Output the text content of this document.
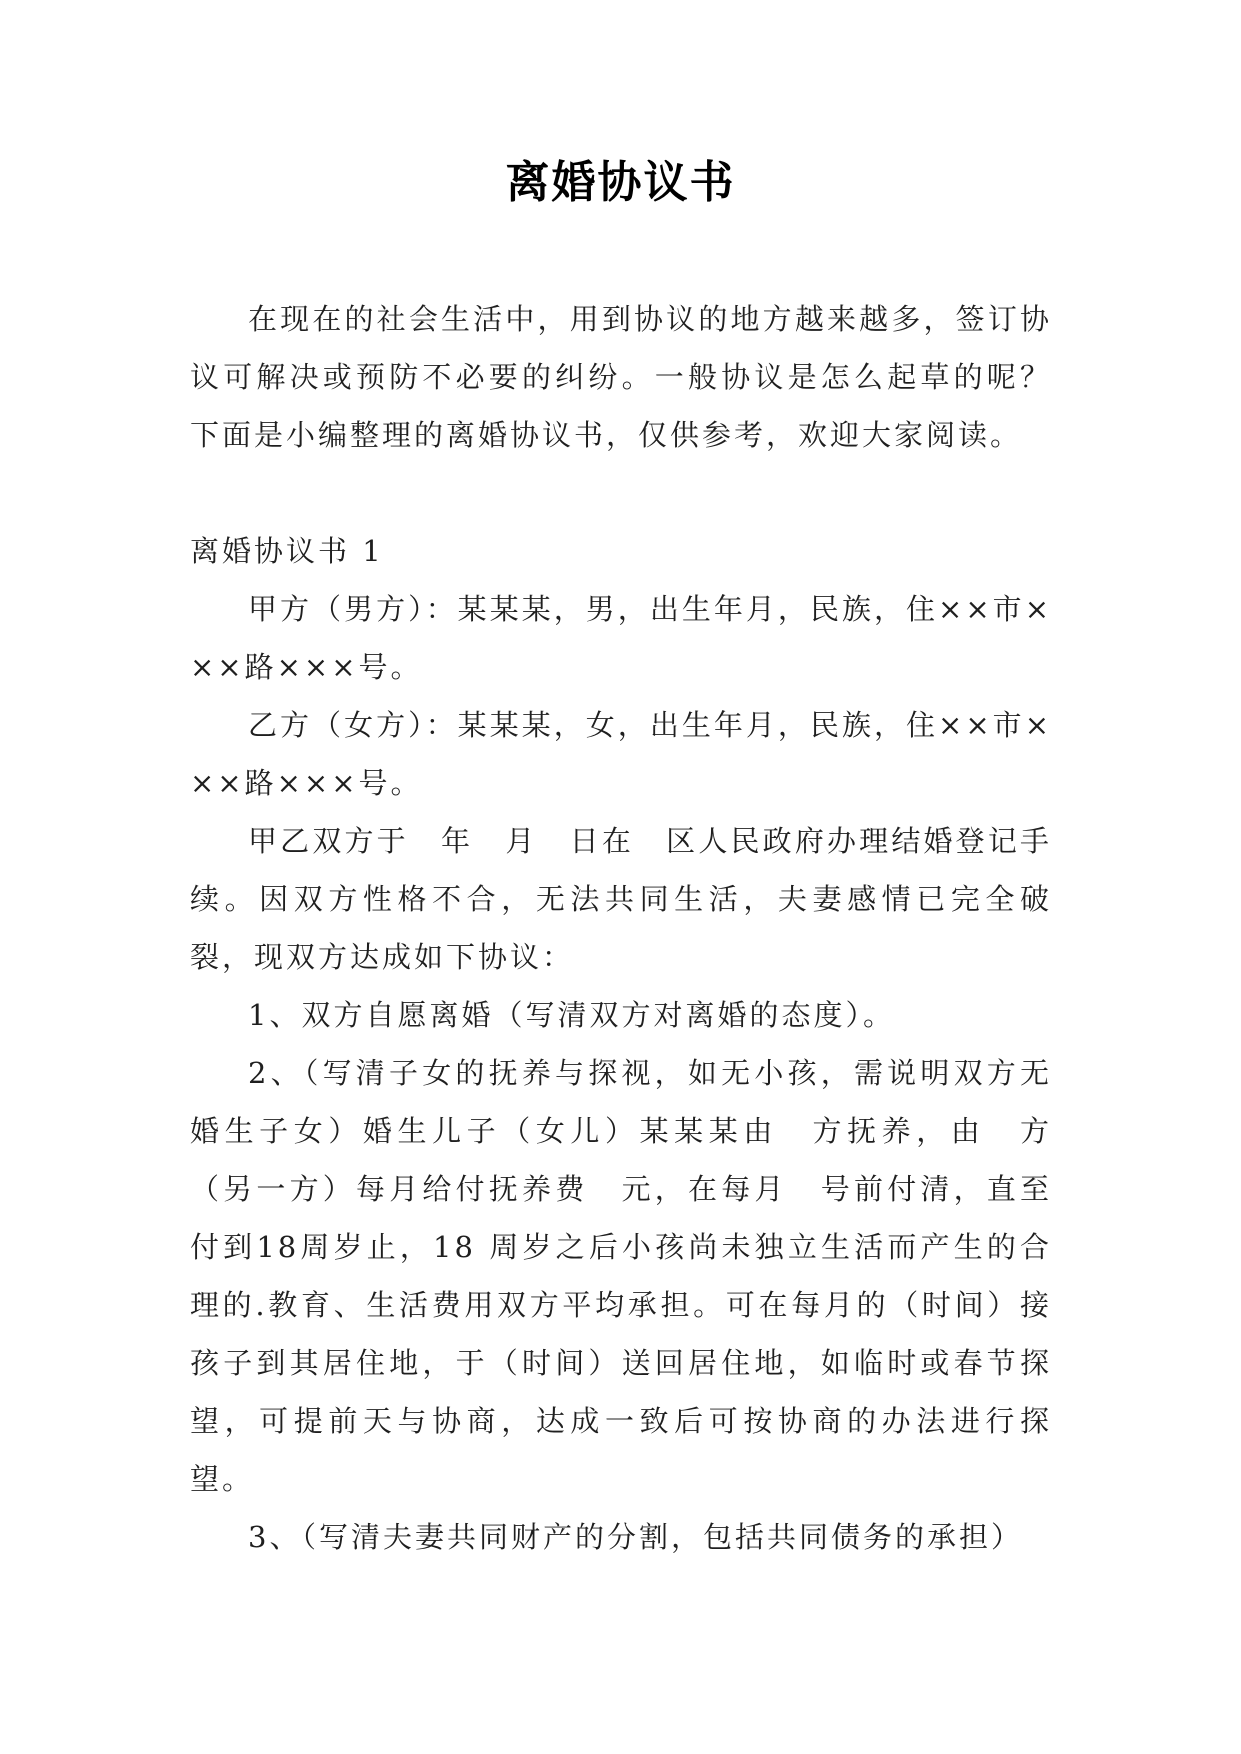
离婚协议书

在现在的社会生活中，用到协议的地方越来越多，签订协议可解决或预防不必要的纠纷。一般协议是怎么起草的呢？下面是小编整理的离婚协议书，仅供参考，欢迎大家阅读。

离婚协议书 1

甲方（男方）：某某某，男，出生年月，民族，住××市×××路×××号。

乙方（女方）：某某某，女，出生年月，民族，住××市×××路×××号。

甲乙双方于　年　月　日在　区人民政府办理结婚登记手续。因双方性格不合，无法共同生活，夫妻感情已完全破裂，现双方达成如下协议：

1、双方自愿离婚（写清双方对离婚的态度）。

2、（写清子女的抚养与探视，如无小孩，需说明双方无婚生子女）婚生儿子（女儿）某某某由　方抚养，由　方（另一方）每月给付抚养费　元，在每月　号前付清，直至付到18周岁止，18 周岁之后小孩尚未独立生活而产生的合理的.教育、生活费用双方平均承担。可在每月的（时间）接孩子到其居住地，于（时间）送回居住地，如临时或春节探望，可提前天与协商，达成一致后可按协商的办法进行探望。

3、（写清夫妻共同财产的分割，包括共同债务的承担）
